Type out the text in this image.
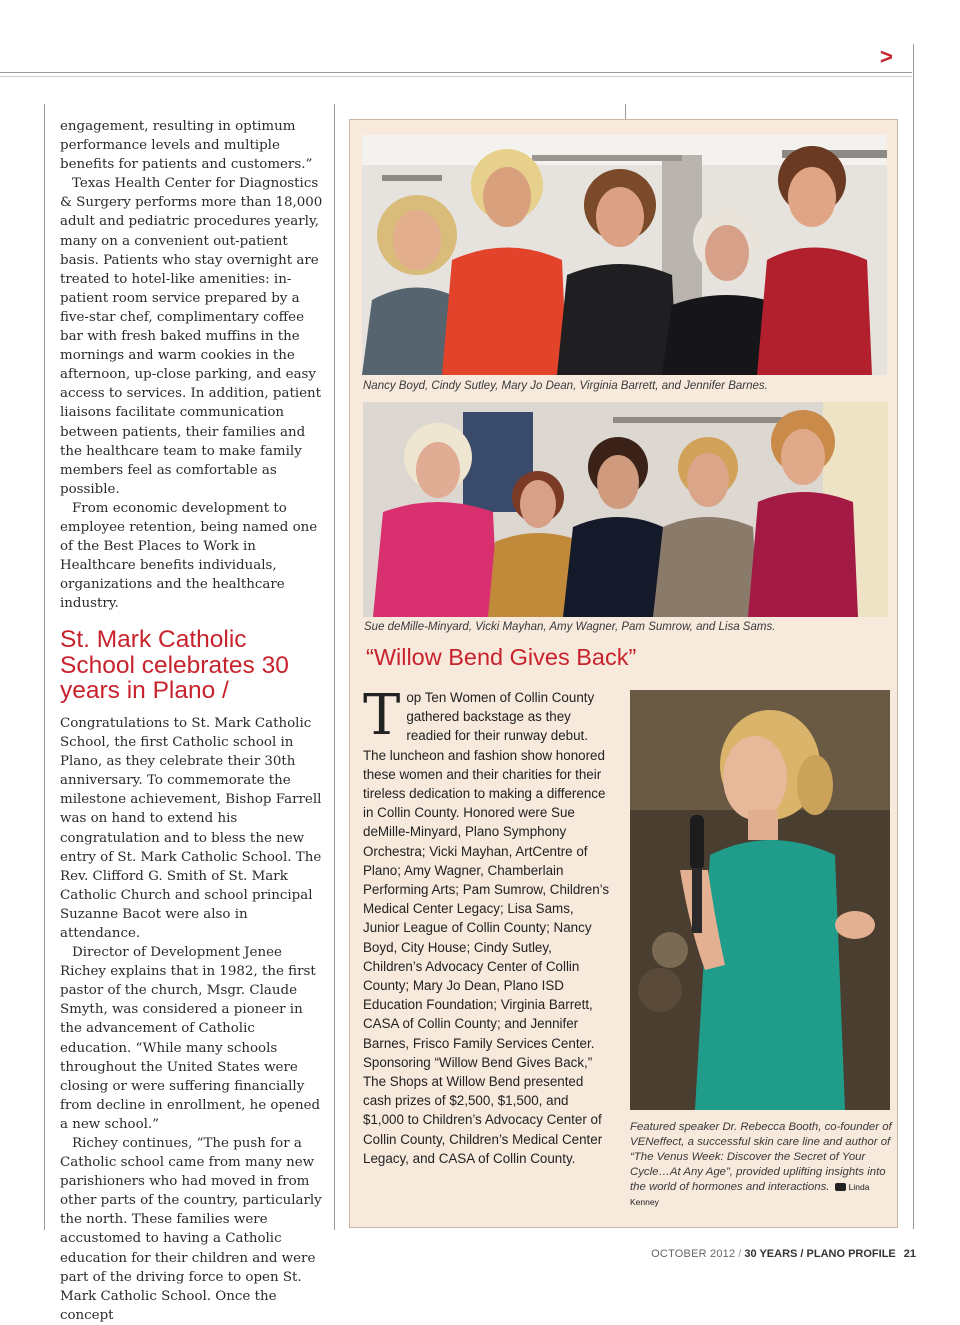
>

engagement, resulting in optimum performance levels and multiple benefits for patients and customers.”

Texas Health Center for Diagnostics & Surgery performs more than 18,000 adult and pediatric procedures yearly, many on a convenient out-patient basis. Patients who stay overnight are treated to hotel-like amenities: in-patient room service prepared by a five-star chef, complimentary coffee bar with fresh baked muffins in the mornings and warm cookies in the afternoon, up-close parking, and easy access to services. In addition, patient liaisons facilitate communication between patients, their families and the healthcare team to make family members feel as comfortable as possible.

From economic development to employee retention, being named one of the Best Places to Work in Healthcare benefits individuals, organizations and the healthcare industry.

St. Mark Catholic School celebrates 30 years in Plano /

Congratulations to St. Mark Catholic School, the first Catholic school in Plano, as they celebrate their 30th anniversary. To commemorate the milestone achievement, Bishop Farrell was on hand to extend his congratulation and to bless the new entry of St. Mark Catholic School. The Rev. Clifford G. Smith of St. Mark Catholic Church and school principal Suzanne Bacot were also in attendance.

Director of Development Jenee Richey explains that in 1982, the first pastor of the church, Msgr. Claude Smyth, was considered a pioneer in the advancement of Catholic education. “While many schools throughout the United States were closing or were suffering financially from decline in enrollment, he opened a new school.”

Richey continues, “The push for a Catholic school came from many new parishioners who had moved in from other parts of the country, particularly the north. These families were accustomed to having a Catholic education for their children and were part of the driving force to open St. Mark Catholic School. Once the concept

Nancy Boyd, Cindy Sutley, Mary Jo Dean, Virginia Barrett, and Jennifer Barnes.
Sue deMille-Minyard, Vicki Mayhan, Amy Wagner, Pam Sumrow, and Lisa Sams.
“Willow Bend Gives Back”
T op Ten Women of Collin County gathered backstage as they readied for their runway debut. The luncheon and fashion show honored these women and their charities for their tireless dedication to making a difference in Collin County. Honored were Sue deMille-Minyard, Plano Symphony Orchestra; Vicki Mayhan, ArtCentre of Plano; Amy Wagner, Chamberlain Performing Arts; Pam Sumrow, Children’s Medical Center Legacy; Lisa Sams, Junior League of Collin County; Nancy Boyd, City House; Cindy Sutley, Children’s Advocacy Center of Collin County; Mary Jo Dean, Plano ISD Education Foundation; Virginia Barrett, CASA of Collin County; and Jennifer Barnes, Frisco Family Services Center. Sponsoring “Willow Bend Gives Back,” The Shops at Willow Bend presented cash prizes of $2,500, $1,500, and $1,000 to Children’s Advocacy Center of Collin County, Children’s Medical Center Legacy, and CASA of Collin County.

Featured speaker Dr. Rebecca Booth, co-founder of VENeffect, a successful skin care line and author of “The Venus Week: Discover the Secret of Your Cycle…At Any Age”, provided uplifting insights into the world of hormones and interactions. Linda Kenney
OCTOBER 2012 / 30 YEARS / PLANO PROFILE 21
